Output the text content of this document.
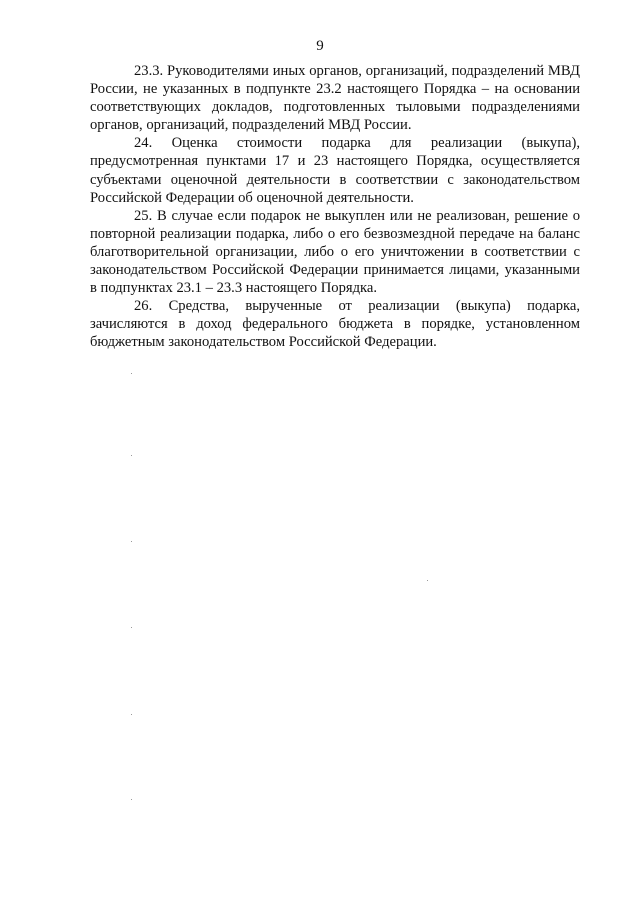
9

23.3. Руководителями иных органов, организаций, подразделений МВД России, не указанных в подпункте 23.2 настоящего Порядка – на основании соответствующих докладов, подготовленных тыловыми подразделениями органов, организаций, подразделений МВД России.

24. Оценка стоимости подарка для реализации (выкупа), предусмотренная пунктами 17 и 23 настоящего Порядка, осуществляется субъектами оценочной деятельности в соответствии с законодательством Российской Федерации об оценочной деятельности.

25. В случае если подарок не выкуплен или не реализован, решение о повторной реализации подарка, либо о его безвозмездной передаче на баланс благотворительной организации, либо о его уничтожении в соответствии с законодательством Российской Федерации принимается лицами, указанными в подпунктах 23.1 – 23.3 настоящего Порядка.

26. Средства, вырученные от реализации (выкупа) подарка, зачисляются в доход федерального бюджета в порядке, установленном бюджетным законодательством Российской Федерации.
